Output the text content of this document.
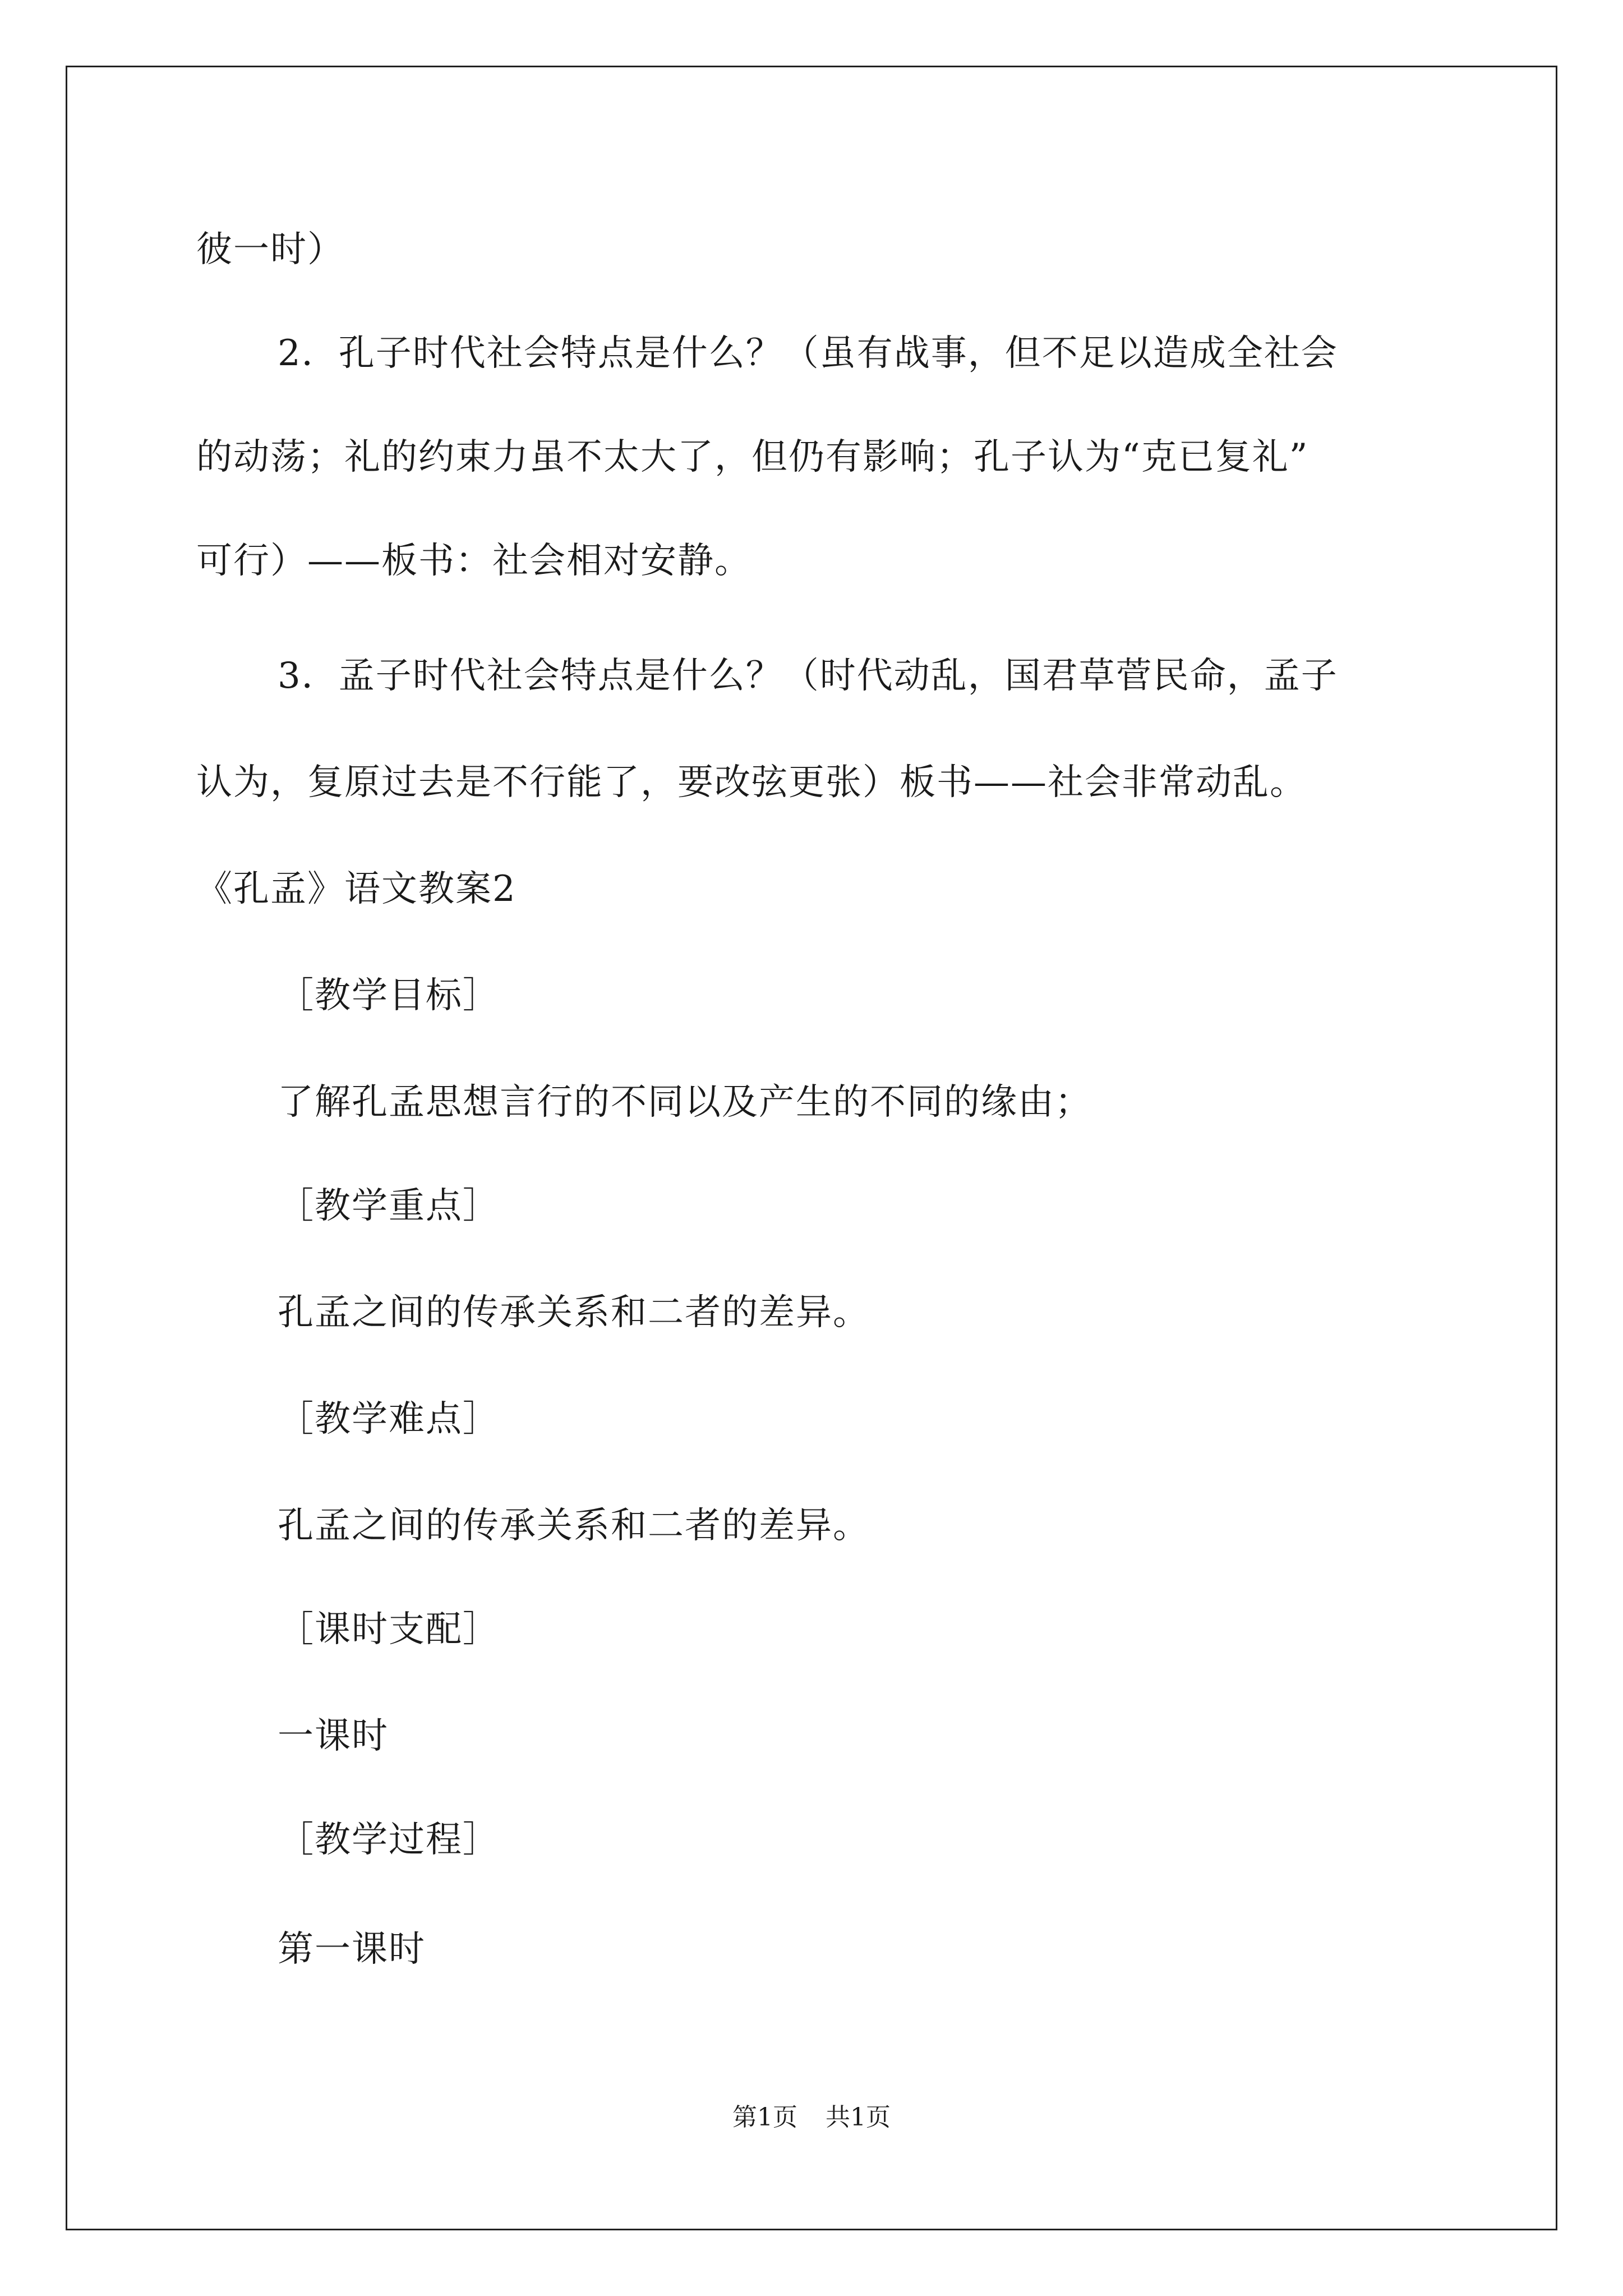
彼一时）
2．孔子时代社会特点是什么？（虽有战事，但不足以造成全社会
的动荡；礼的约束力虽不太大了，但仍有影响；孔子认为“克已复礼”
可行）——板书：社会相对安静。
3．孟子时代社会特点是什么？（时代动乱，国君草菅民命，孟子
认为，复原过去是不行能了，要改弦更张）板书——社会非常动乱。
《孔孟》语文教案2
［教学目标］
了解孔孟思想言行的不同以及产生的不同的缘由；
［教学重点］
孔孟之间的传承关系和二者的差异。
［教学难点］
孔孟之间的传承关系和二者的差异。
［课时支配］
一课时
［教学过程］
第一课时
第1页 共1页
